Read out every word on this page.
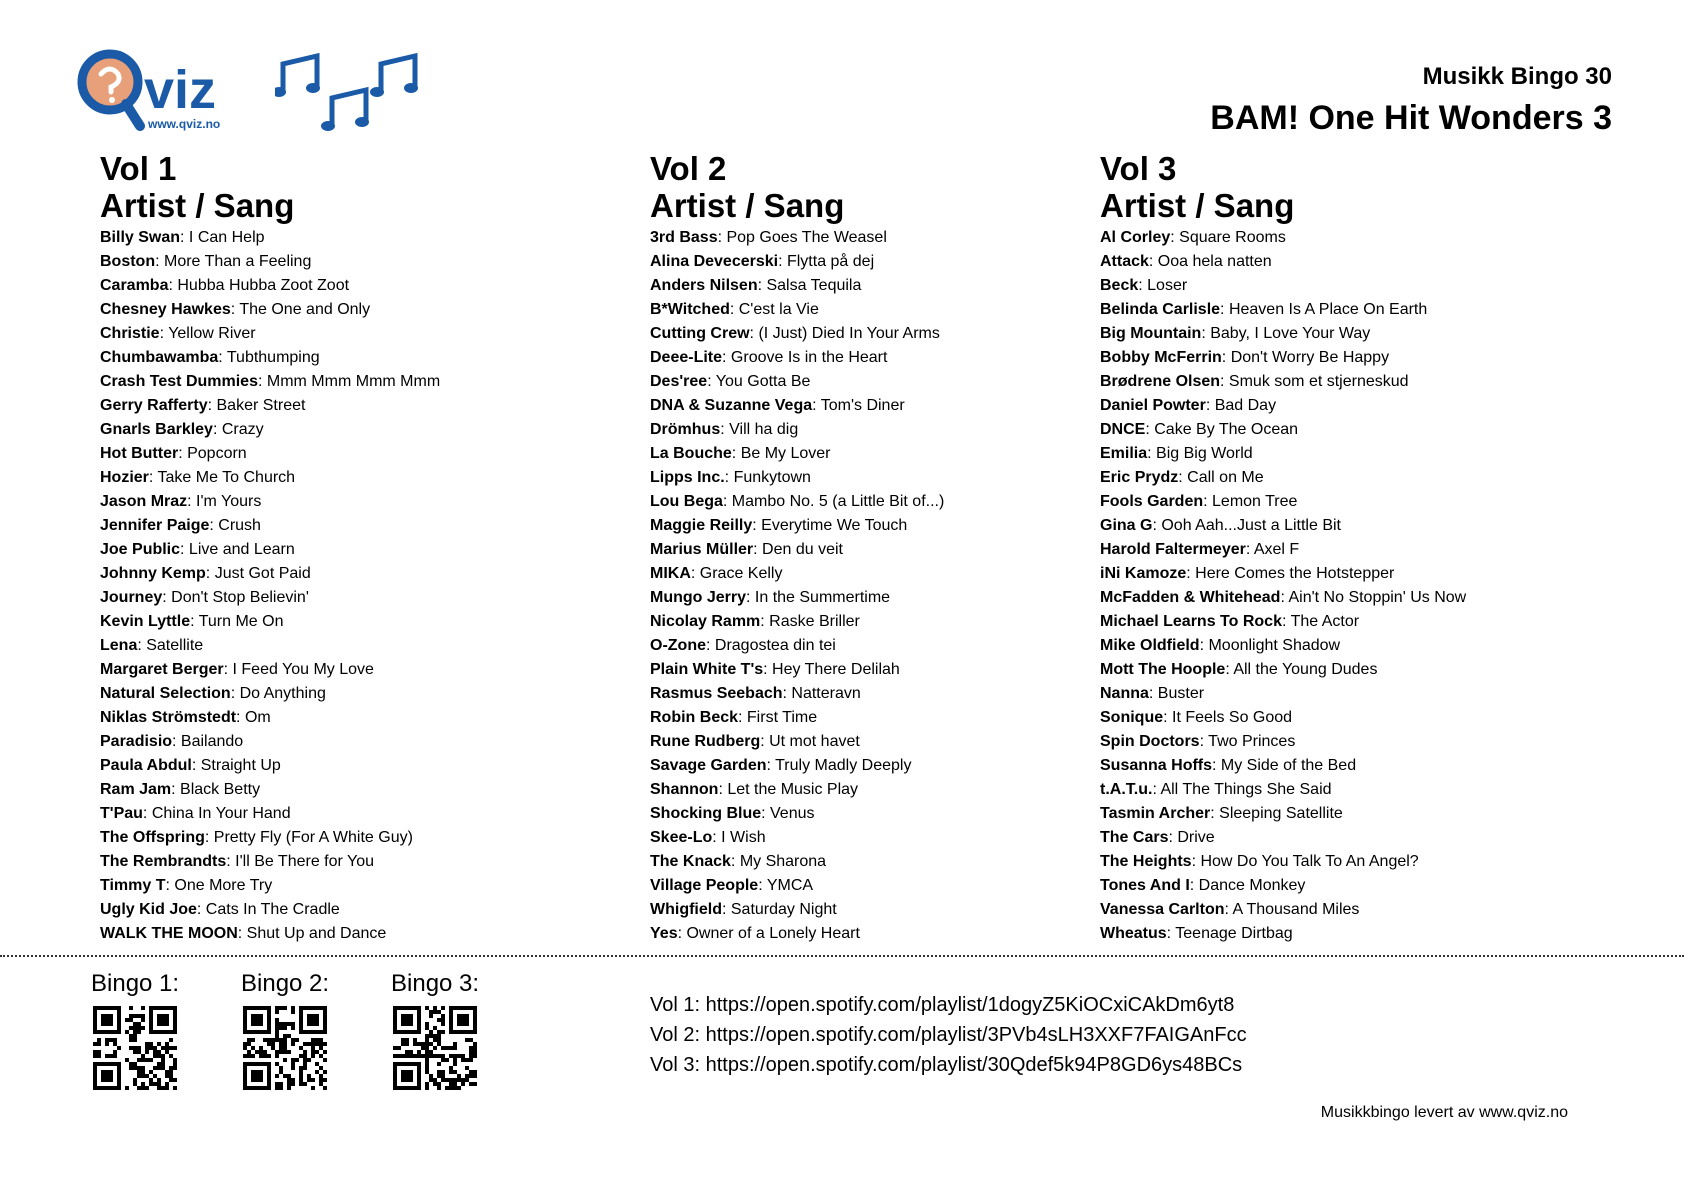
viz
www.qviz.no
Musikk Bingo 30
BAM! One Hit Wonders 3
Vol 1
Artist / Sang
Billy Swan: I Can Help
Boston: More Than a Feeling
Caramba: Hubba Hubba Zoot Zoot
Chesney Hawkes: The One and Only
Christie: Yellow River
Chumbawamba: Tubthumping
Crash Test Dummies: Mmm Mmm Mmm Mmm
Gerry Rafferty: Baker Street
Gnarls Barkley: Crazy
Hot Butter: Popcorn
Hozier: Take Me To Church
Jason Mraz: I'm Yours
Jennifer Paige: Crush
Joe Public: Live and Learn
Johnny Kemp: Just Got Paid
Journey: Don't Stop Believin'
Kevin Lyttle: Turn Me On
Lena: Satellite
Margaret Berger: I Feed You My Love
Natural Selection: Do Anything
Niklas Strömstedt: Om
Paradisio: Bailando
Paula Abdul: Straight Up
Ram Jam: Black Betty
T'Pau: China In Your Hand
The Offspring: Pretty Fly (For A White Guy)
The Rembrandts: I'll Be There for You
Timmy T: One More Try
Ugly Kid Joe: Cats In The Cradle
WALK THE MOON: Shut Up and Dance
Vol 2
Artist / Sang
3rd Bass: Pop Goes The Weasel
Alina Devecerski: Flytta på dej
Anders Nilsen: Salsa Tequila
B*Witched: C'est la Vie
Cutting Crew: (I Just) Died In Your Arms
Deee-Lite: Groove Is in the Heart
Des'ree: You Gotta Be
DNA & Suzanne Vega: Tom's Diner
Drömhus: Vill ha dig
La Bouche: Be My Lover
Lipps Inc.: Funkytown
Lou Bega: Mambo No. 5 (a Little Bit of...)
Maggie Reilly: Everytime We Touch
Marius Müller: Den du veit
MIKA: Grace Kelly
Mungo Jerry: In the Summertime
Nicolay Ramm: Raske Briller
O-Zone: Dragostea din tei
Plain White T's: Hey There Delilah
Rasmus Seebach: Natteravn
Robin Beck: First Time
Rune Rudberg: Ut mot havet
Savage Garden: Truly Madly Deeply
Shannon: Let the Music Play
Shocking Blue: Venus
Skee-Lo: I Wish
The Knack: My Sharona
Village People: YMCA
Whigfield: Saturday Night
Yes: Owner of a Lonely Heart
Vol 3
Artist / Sang
Al Corley: Square Rooms
Attack: Ooa hela natten
Beck: Loser
Belinda Carlisle: Heaven Is A Place On Earth
Big Mountain: Baby, I Love Your Way
Bobby McFerrin: Don't Worry Be Happy
Brødrene Olsen: Smuk som et stjerneskud
Daniel Powter: Bad Day
DNCE: Cake By The Ocean
Emilia: Big Big World
Eric Prydz: Call on Me
Fools Garden: Lemon Tree
Gina G: Ooh Aah...Just a Little Bit
Harold Faltermeyer: Axel F
iNi Kamoze: Here Comes the Hotstepper
McFadden & Whitehead: Ain't No Stoppin' Us Now
Michael Learns To Rock: The Actor
Mike Oldfield: Moonlight Shadow
Mott The Hoople: All the Young Dudes
Nanna: Buster
Sonique: It Feels So Good
Spin Doctors: Two Princes
Susanna Hoffs: My Side of the Bed
t.A.T.u.: All The Things She Said
Tasmin Archer: Sleeping Satellite
The Cars: Drive
The Heights: How Do You Talk To An Angel?
Tones And I: Dance Monkey
Vanessa Carlton: A Thousand Miles
Wheatus: Teenage Dirtbag
Bingo 1:	Bingo 2:	Bingo 3:
Vol 1: https://open.spotify.com/playlist/1dogyZ5KiOCxiCAkDm6yt8
Vol 2: https://open.spotify.com/playlist/3PVb4sLH3XXF7FAIGAnFcc
Vol 3: https://open.spotify.com/playlist/30Qdef5k94P8GD6ys48BCs
Musikkbingo levert av www.qviz.no
